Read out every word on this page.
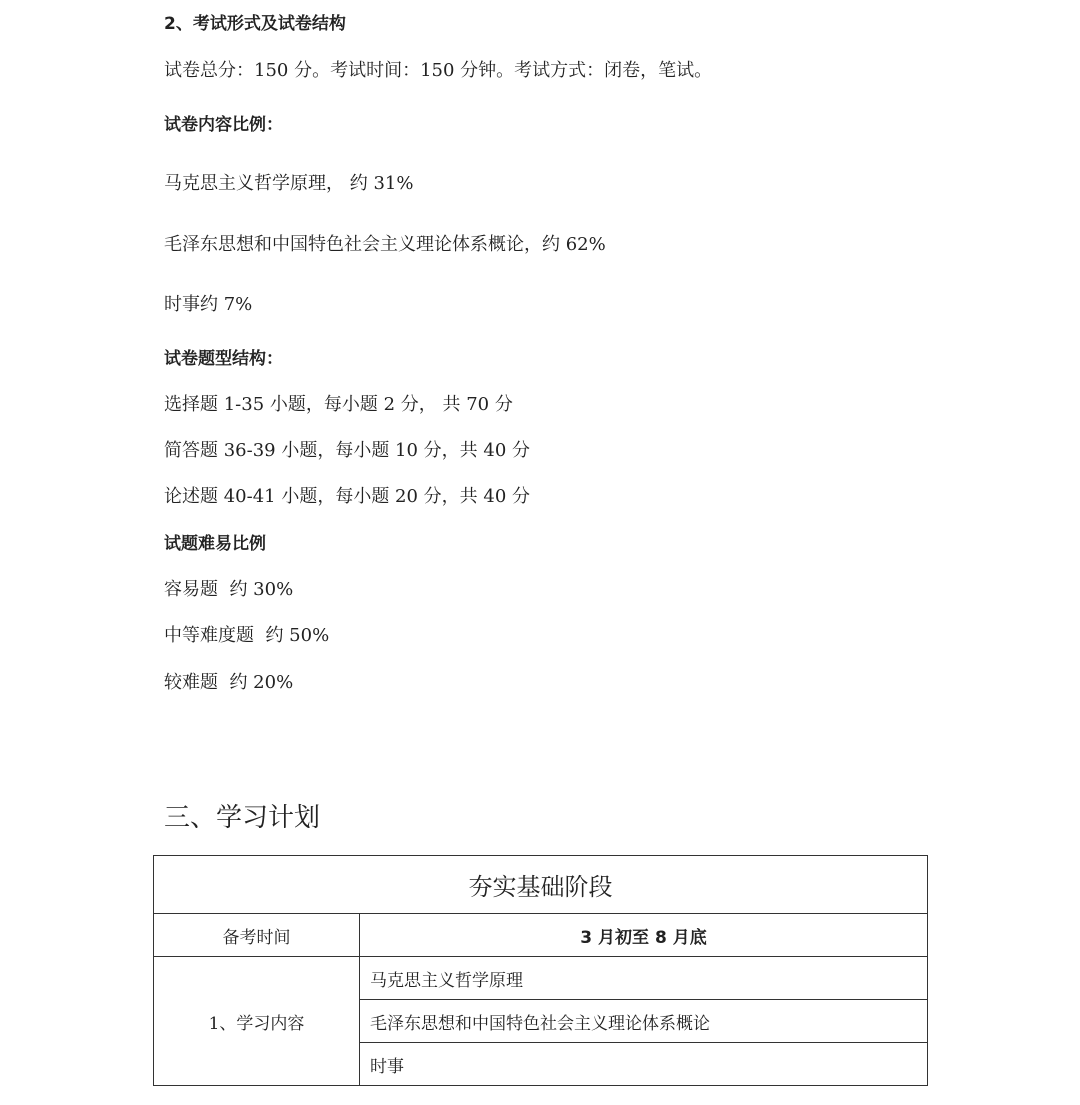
2、考试形式及试卷结构
试卷总分：150 分。考试时间：150 分钟。考试方式：闭卷，笔试。
试卷内容比例：
马克思主义哲学原理， 约 31%
毛泽东思想和中国特色社会主义理论体系概论，约 62%
时事约 7%
试卷题型结构：
选择题 1-35 小题，每小题 2 分， 共 70 分
简答题 36-39 小题，每小题 10 分，共 40 分
论述题 40-41 小题，每小题 20 分，共 40 分
试题难易比例
容易题  约 30%
中等难度题  约 50%
较难题  约 20%
三、学习计划
夯实基础阶段	
备考时间	3 月初至 8 月底
1、学习内容	马克思主义哲学原理
	毛泽东思想和中国特色社会主义理论体系概论
	时事
